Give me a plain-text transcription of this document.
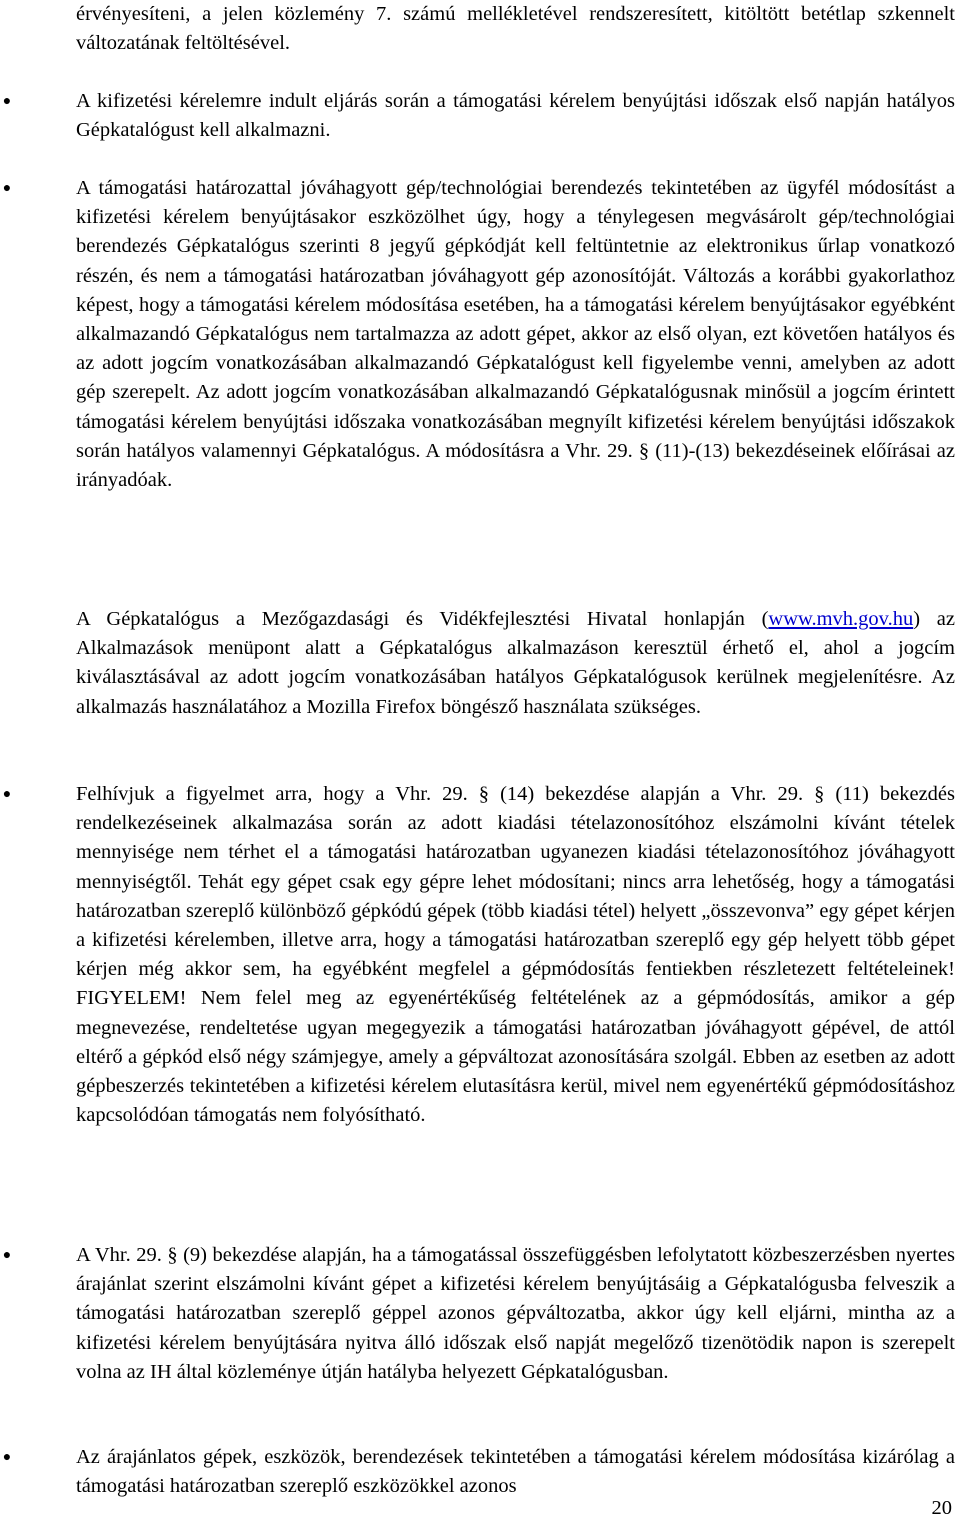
érvényesíteni, a jelen közlemény 7. számú mellékletével rendszeresített, kitöltött betétlap szkennelt változatának feltöltésével.

●

A kifizetési kérelemre indult eljárás során a támogatási kérelem benyújtási időszak első napján hatályos Gépkatalógust kell alkalmazni.

●

A támogatási határozattal jóváhagyott gép/technológiai berendezés tekintetében az ügyfél módosítást a kifizetési kérelem benyújtásakor eszközölhet úgy, hogy a ténylegesen megvásárolt gép/technológiai berendezés Gépkatalógus szerinti 8 jegyű gépkódját kell feltüntetnie az elektronikus űrlap vonatkozó részén, és nem a támogatási határozatban jóváhagyott gép azonosítóját. Változás a korábbi gyakorlathoz képest, hogy a támogatási kérelem módosítása esetében, ha a támogatási kérelem benyújtásakor egyébként alkalmazandó Gépkatalógus nem tartalmazza az adott gépet, akkor az első olyan, ezt követően hatályos és az adott jogcím vonatkozásában alkalmazandó Gépkatalógust kell figyelembe venni, amelyben az adott gép szerepelt. Az adott jogcím vonatkozásában alkalmazandó Gépkatalógusnak minősül a jogcím érintett támogatási kérelem benyújtási időszaka vonatkozásában megnyílt kifizetési kérelem benyújtási időszakok során hatályos valamennyi Gépkatalógus. A módosításra a Vhr. 29. § (11)-(13) bekezdéseinek előírásai az irányadóak.

A Gépkatalógus a Mezőgazdasági és Vidékfejlesztési Hivatal honlapján (www.mvh.gov.hu) az Alkalmazások menüpont alatt a Gépkatalógus alkalmazáson keresztül érhető el, ahol a jogcím kiválasztásával az adott jogcím vonatkozásában hatályos Gépkatalógusok kerülnek megjelenítésre. Az alkalmazás használatához a Mozilla Firefox böngésző használata szükséges.

●

Felhívjuk a figyelmet arra, hogy a Vhr. 29. § (14) bekezdése alapján a Vhr. 29. § (11) bekezdés rendelkezéseinek alkalmazása során az adott kiadási tételazonosítóhoz elszámolni kívánt tételek mennyisége nem térhet el a támogatási határozatban ugyanezen kiadási tételazonosítóhoz jóváhagyott mennyiségtől. Tehát egy gépet csak egy gépre lehet módosítani; nincs arra lehetőség, hogy a támogatási határozatban szereplő különböző gépkódú gépek (több kiadási tétel) helyett „összevonva” egy gépet kérjen a kifizetési kérelemben, illetve arra, hogy a támogatási határozatban szereplő egy gép helyett több gépet kérjen még akkor sem, ha egyébként megfelel a gépmódosítás fentiekben részletezett feltételeinek! FIGYELEM! Nem felel meg az egyenértékűség feltételének az a gépmódosítás, amikor a gép megnevezése, rendeltetése ugyan megegyezik a támogatási határozatban jóváhagyott gépével, de attól eltérő a gépkód első négy számjegye, amely a gépváltozat azonosítására szolgál. Ebben az esetben az adott gépbeszerzés tekintetében a kifizetési kérelem elutasításra kerül, mivel nem egyenértékű gépmódosításhoz kapcsolódóan támogatás nem folyósítható.

●

A Vhr. 29. § (9) bekezdése alapján, ha a támogatással összefüggésben lefolytatott közbeszerzésben nyertes árajánlat szerint elszámolni kívánt gépet a kifizetési kérelem benyújtásáig a Gépkatalógusba felveszik a támogatási határozatban szereplő géppel azonos gépváltozatba, akkor úgy kell eljárni, mintha az a kifizetési kérelem benyújtására nyitva álló időszak első napját megelőző tizenötödik napon is szerepelt volna az IH által közleménye útján hatályba helyezett Gépkatalógusban.

●

Az árajánlatos gépek, eszközök, berendezések tekintetében a támogatási kérelem módosítása kizárólag a támogatási határozatban szereplő eszközökkel azonos

20
